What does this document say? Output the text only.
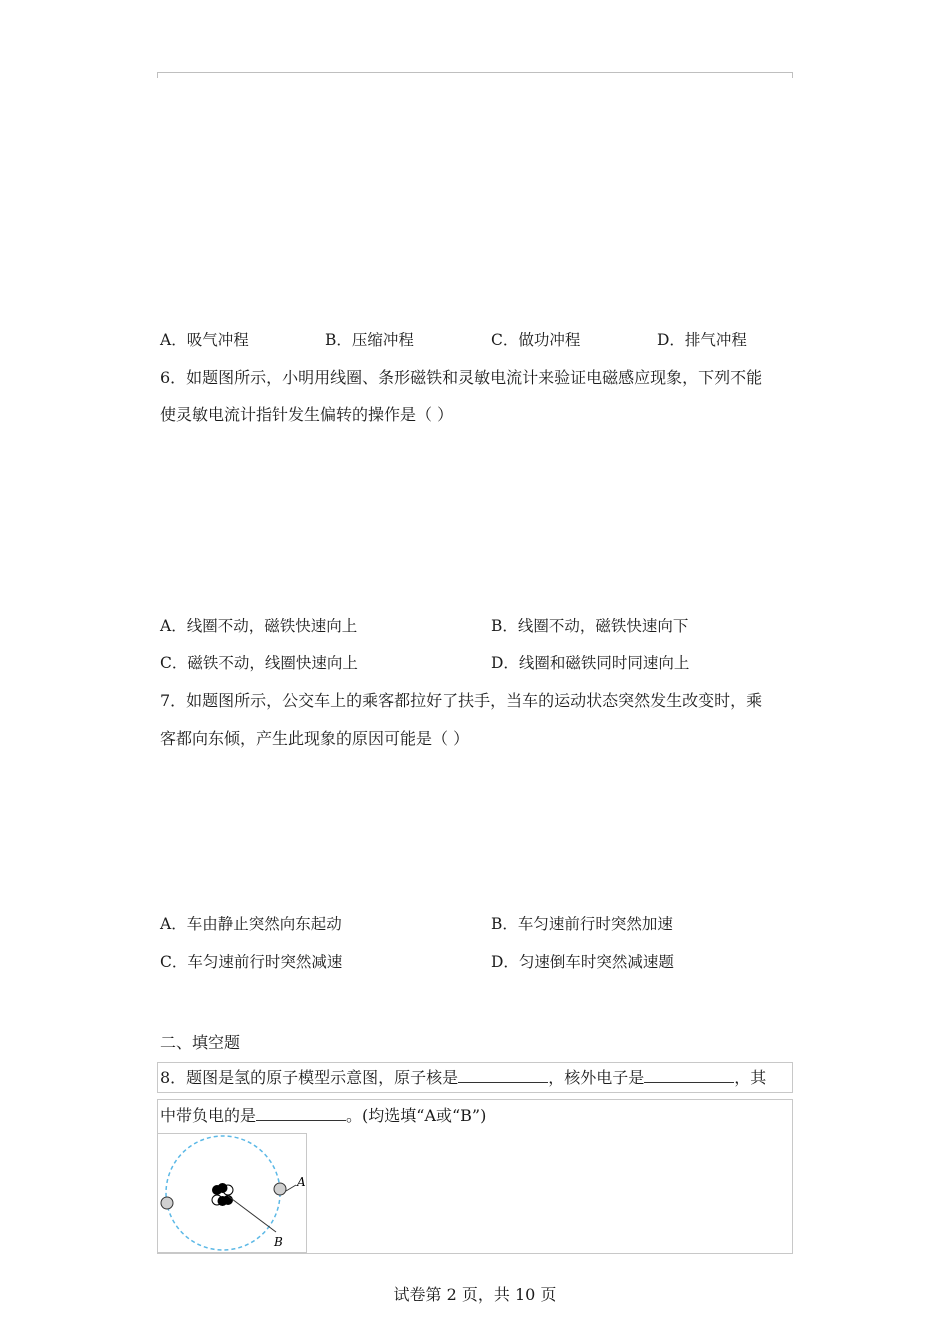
A．吸气冲程	B．压缩冲程	C．做功冲程	D．排气冲程
6．如题图所示，小明用线圈、条形磁铁和灵敏电流计来验证电磁感应现象，下列不能
使灵敏电流计指针发生偏转的操作是（ ）
A．线圈不动，磁铁快速向上	B．线圈不动，磁铁快速向下
C．磁铁不动，线圈快速向上	D．线圈和磁铁同时同速向上
7．如题图所示，公交车上的乘客都拉好了扶手，当车的运动状态突然发生改变时，乘
客都向东倾，产生此现象的原因可能是（ ）
A．车由静止突然向东起动	B．车匀速前行时突然加速
C．车匀速前行时突然减速	D．匀速倒车时突然减速题
二、填空题
8．题图是氢的原子模型示意图，原子核是	，核外电子是	，其
中带负电的是	。(均选填“A或“B”)
A
B
试卷第 2 页，共 10 页
